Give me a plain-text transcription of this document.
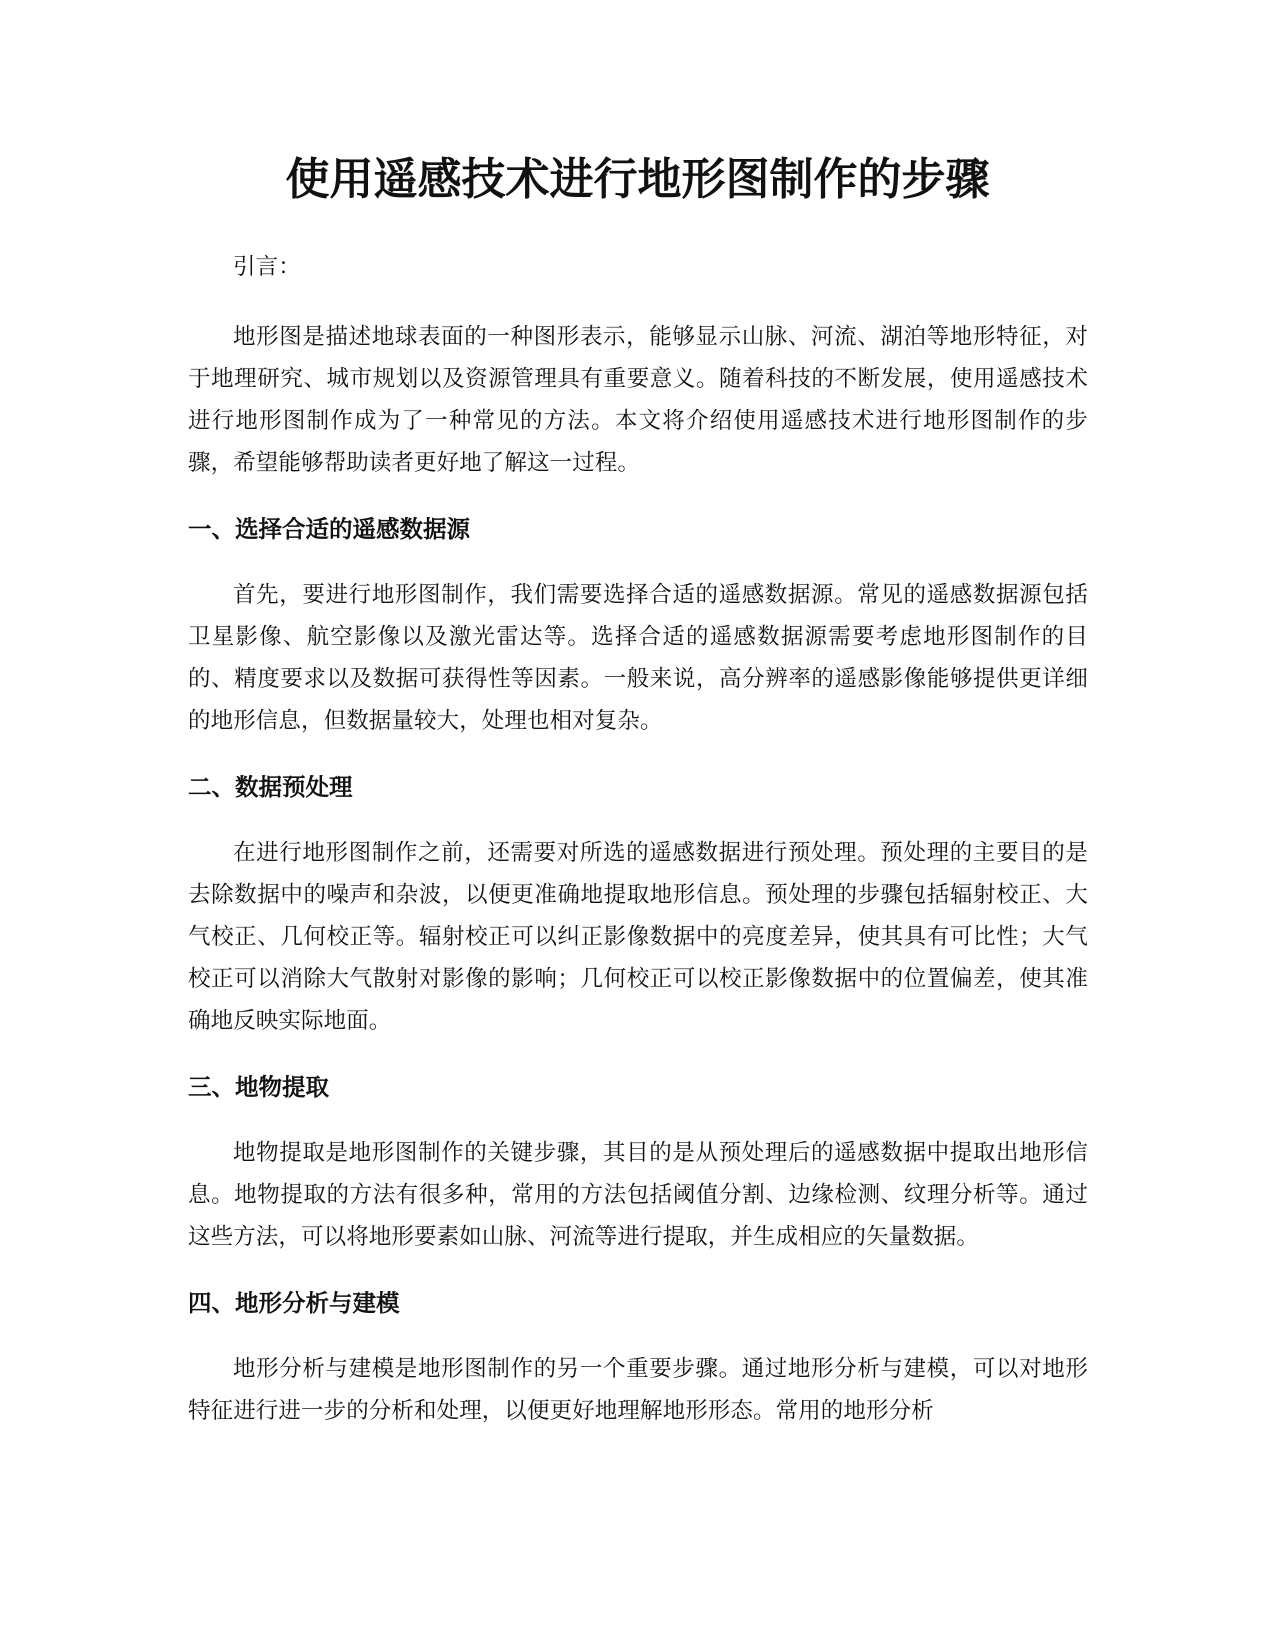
使用遥感技术进行地形图制作的步骤

引言：

地形图是描述地球表面的一种图形表示，能够显示山脉、河流、湖泊等地形特征，对于地理研究、城市规划以及资源管理具有重要意义。随着科技的不断发展，使用遥感技术进行地形图制作成为了一种常见的方法。本文将介绍使用遥感技术进行地形图制作的步骤，希望能够帮助读者更好地了解这一过程。

一、选择合适的遥感数据源

首先，要进行地形图制作，我们需要选择合适的遥感数据源。常见的遥感数据源包括卫星影像、航空影像以及激光雷达等。选择合适的遥感数据源需要考虑地形图制作的目的、精度要求以及数据可获得性等因素。一般来说，高分辨率的遥感影像能够提供更详细的地形信息，但数据量较大，处理也相对复杂。

二、数据预处理

在进行地形图制作之前，还需要对所选的遥感数据进行预处理。预处理的主要目的是去除数据中的噪声和杂波，以便更准确地提取地形信息。预处理的步骤包括辐射校正、大气校正、几何校正等。辐射校正可以纠正影像数据中的亮度差异，使其具有可比性；大气校正可以消除大气散射对影像的影响；几何校正可以校正影像数据中的位置偏差，使其准确地反映实际地面。

三、地物提取

地物提取是地形图制作的关键步骤，其目的是从预处理后的遥感数据中提取出地形信息。地物提取的方法有很多种，常用的方法包括阈值分割、边缘检测、纹理分析等。通过这些方法，可以将地形要素如山脉、河流等进行提取，并生成相应的矢量数据。

四、地形分析与建模

地形分析与建模是地形图制作的另一个重要步骤。通过地形分析与建模，可以对地形特征进行进一步的分析和处理，以便更好地理解地形形态。常用的地形分析
